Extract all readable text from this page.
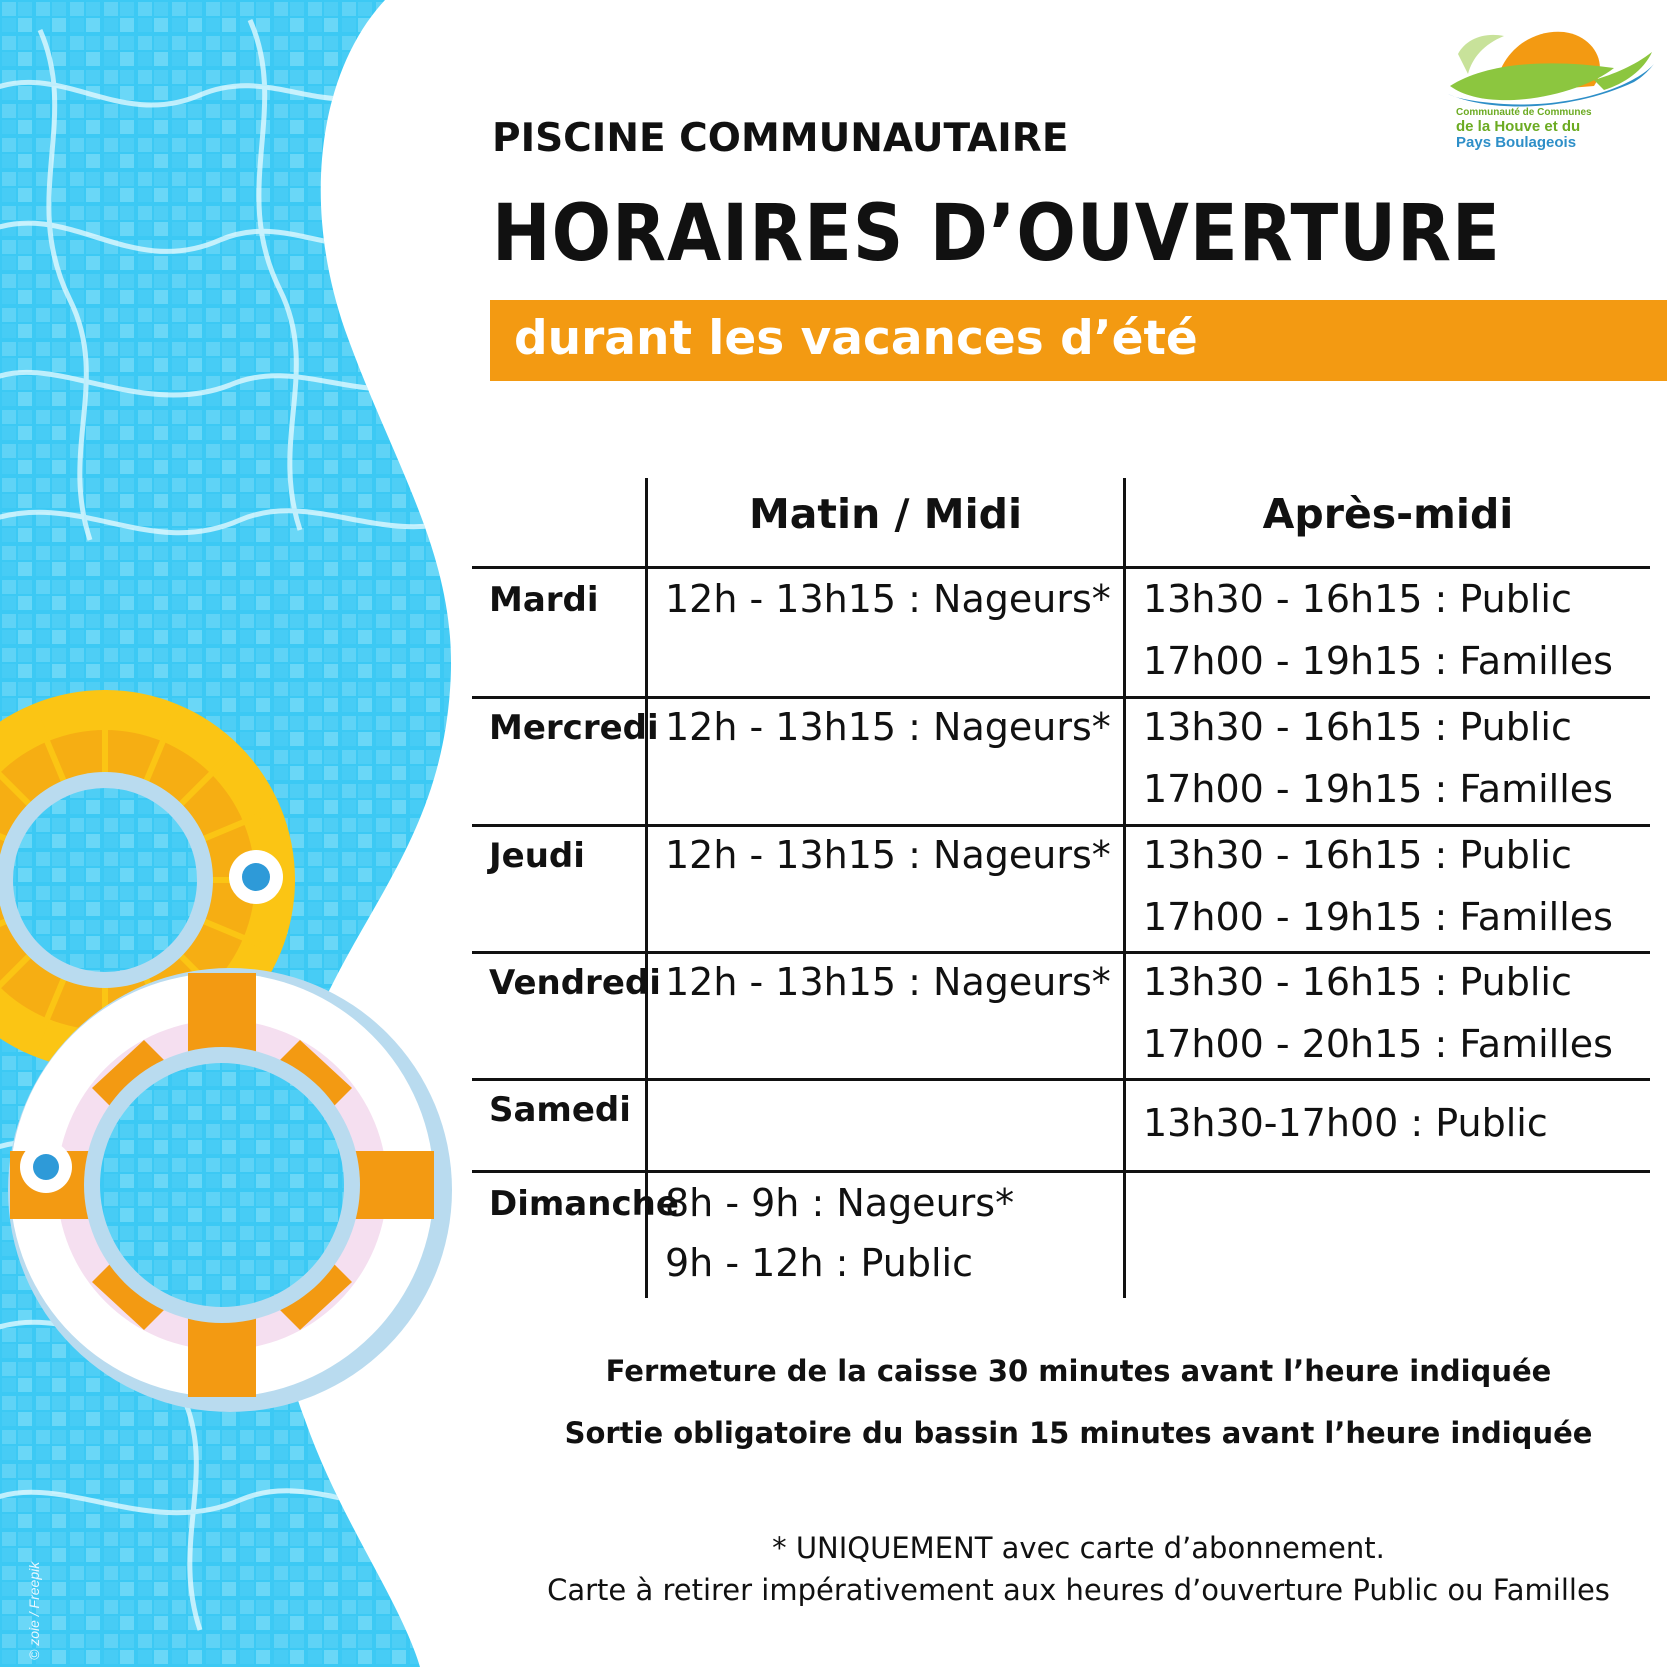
© zoie / Freepik
Communauté de Communes
de la Houve et du
Pays Boulageois
PISCINE COMMUNAUTAIRE
HORAIRES D’OUVERTURE
durant les vacances d’été
Matin / Midi	Après-midi
Mardi 12h - 13h15 : Nageurs* 13h30 - 16h15 : Public
17h00 - 19h15 : Familles
Mercredi 12h - 13h15 : Nageurs* 13h30 - 16h15 : Public
17h00 - 19h15 : Familles
Jeudi 12h - 13h15 : Nageurs* 13h30 - 16h15 : Public
17h00 - 19h15 : Familles
Vendredi 12h - 13h15 : Nageurs* 13h30 - 16h15 : Public
17h00 - 20h15 : Familles
Samedi	13h30-17h00 : Public
Dimanche
8h - 9h : Nageurs*
9h - 12h : Public
Fermeture de la caisse 30 minutes avant l’heure indiquée
Sortie obligatoire du bassin 15 minutes avant l’heure indiquée
* UNIQUEMENT avec carte d’abonnement.
Carte à retirer impérativement aux heures d’ouverture Public ou Familles
